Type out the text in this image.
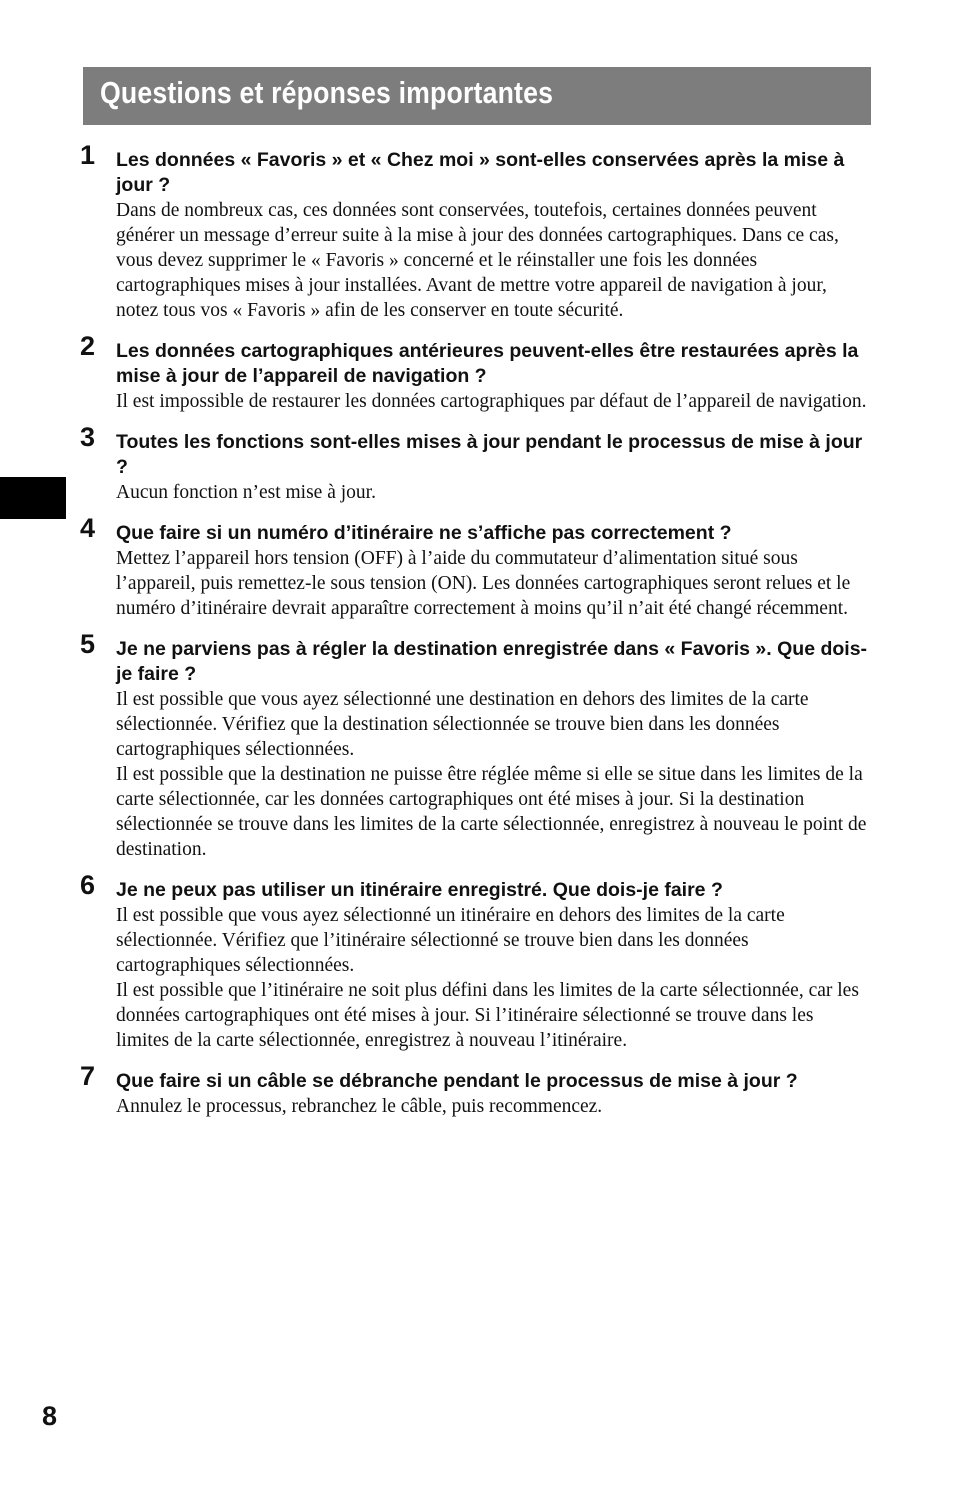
Questions et réponses importantes
1 Les données « Favoris » et « Chez moi » sont-elles conservées après la mise à jour ?

Dans de nombreux cas, ces données sont conservées, toutefois, certaines données peuvent générer un message d’erreur suite à la mise à jour des données cartographiques. Dans ce cas, vous devez supprimer le « Favoris » concerné et le réinstaller une fois les données cartographiques mises à jour installées. Avant de mettre votre appareil de navigation à jour, notez tous vos « Favoris » afin de les conserver en toute sécurité.

2 Les données cartographiques antérieures peuvent-elles être restaurées après la mise à jour de l’appareil de navigation ?

Il est impossible de restaurer les données cartographiques par défaut de l’appareil de navigation.

3 Toutes les fonctions sont-elles mises à jour pendant le processus de mise à jour ?

Aucun fonction n’est mise à jour.

4 Que faire si un numéro d’itinéraire ne s’affiche pas correctement ?

Mettez l’appareil hors tension (OFF) à l’aide du commutateur d’alimentation situé sous l’appareil, puis remettez-le sous tension (ON). Les données cartographiques seront relues et le numéro d’itinéraire devrait apparaître correctement à moins qu’il n’ait été changé récemment.

5 Je ne parviens pas à régler la destination enregistrée dans « Favoris ». Que dois-je faire ?

Il est possible que vous ayez sélectionné une destination en dehors des limites de la carte sélectionnée. Vérifiez que la destination sélectionnée se trouve bien dans les données cartographiques sélectionnées.

Il est possible que la destination ne puisse être réglée même si elle se situe dans les limites de la carte sélectionnée, car les données cartographiques ont été mises à jour. Si la destination sélectionnée se trouve dans les limites de la carte sélectionnée, enregistrez à nouveau le point de destination.

6 Je ne peux pas utiliser un itinéraire enregistré. Que dois-je faire ?

Il est possible que vous ayez sélectionné un itinéraire en dehors des limites de la carte sélectionnée. Vérifiez que l’itinéraire sélectionné se trouve bien dans les données cartographiques sélectionnées.

Il est possible que l’itinéraire ne soit plus défini dans les limites de la carte sélectionnée, car les données cartographiques ont été mises à jour. Si l’itinéraire sélectionné se trouve dans les limites de la carte sélectionnée, enregistrez à nouveau l’itinéraire.

7 Que faire si un câble se débranche pendant le processus de mise à jour ?

Annulez le processus, rebranchez le câble, puis recommencez.

8
